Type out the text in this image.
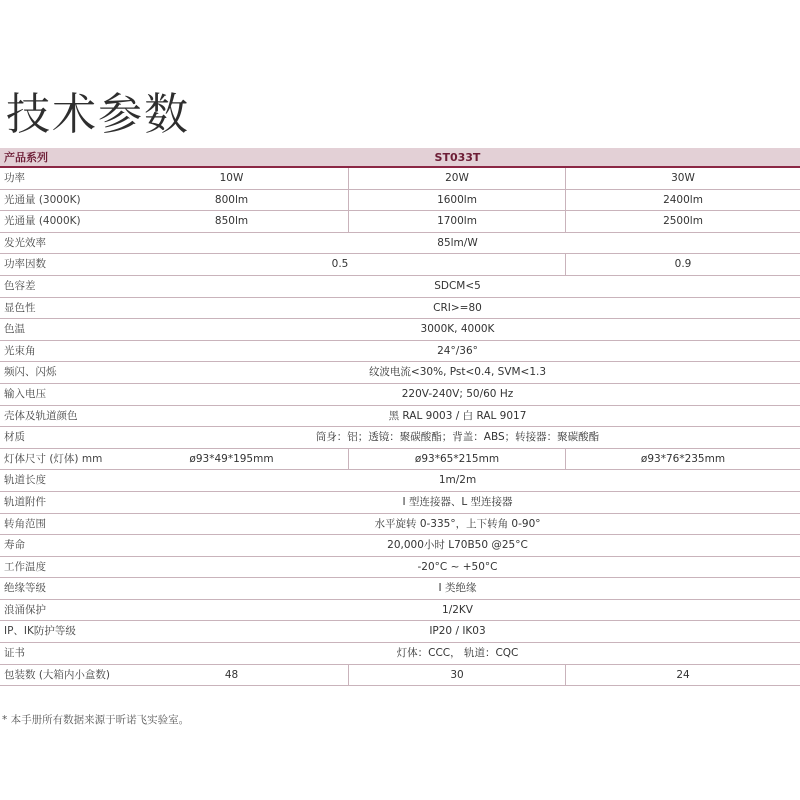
技术参数
产品系列	ST033T
功率	10W	20W	30W
光通量 (3000K)	800lm	1600lm	2400lm
光通量 (4000K)	850lm	1700lm	2500lm
发光效率	85lm/W
功率因数	0.5	0.9
色容差	SDCM<5
显色性	CRI>=80
色温	3000K, 4000K
光束角	24°/36°
频闪、闪烁	纹波电流<30%, Pst<0.4, SVM<1.3
输入电压	220V-240V; 50/60 Hz
壳体及轨道颜色	黑 RAL 9003 / 白 RAL 9017
材质	筒身：铝；透镜：聚碳酸酯；背盖：ABS；转接器：聚碳酸酯
灯体尺寸 (灯体) mm	ø93*49*195mm	ø93*65*215mm	ø93*76*235mm
轨道长度	1m/2m
轨道附件	I 型连接器、L 型连接器
转角范围	水平旋转 0-335°，上下转角 0-90°
寿命	20,000小时 L70B50 @25°C
工作温度	-20°C ~ +50°C
绝缘等级	I 类绝缘
浪涌保护	1/2KV
IP、IK防护等级	IP20 / IK03
证书	灯体：CCC， 轨道：CQC
包装数 (大箱内小盒数)	48	30	24

* 本手册所有数据来源于昕诺飞实验室。
